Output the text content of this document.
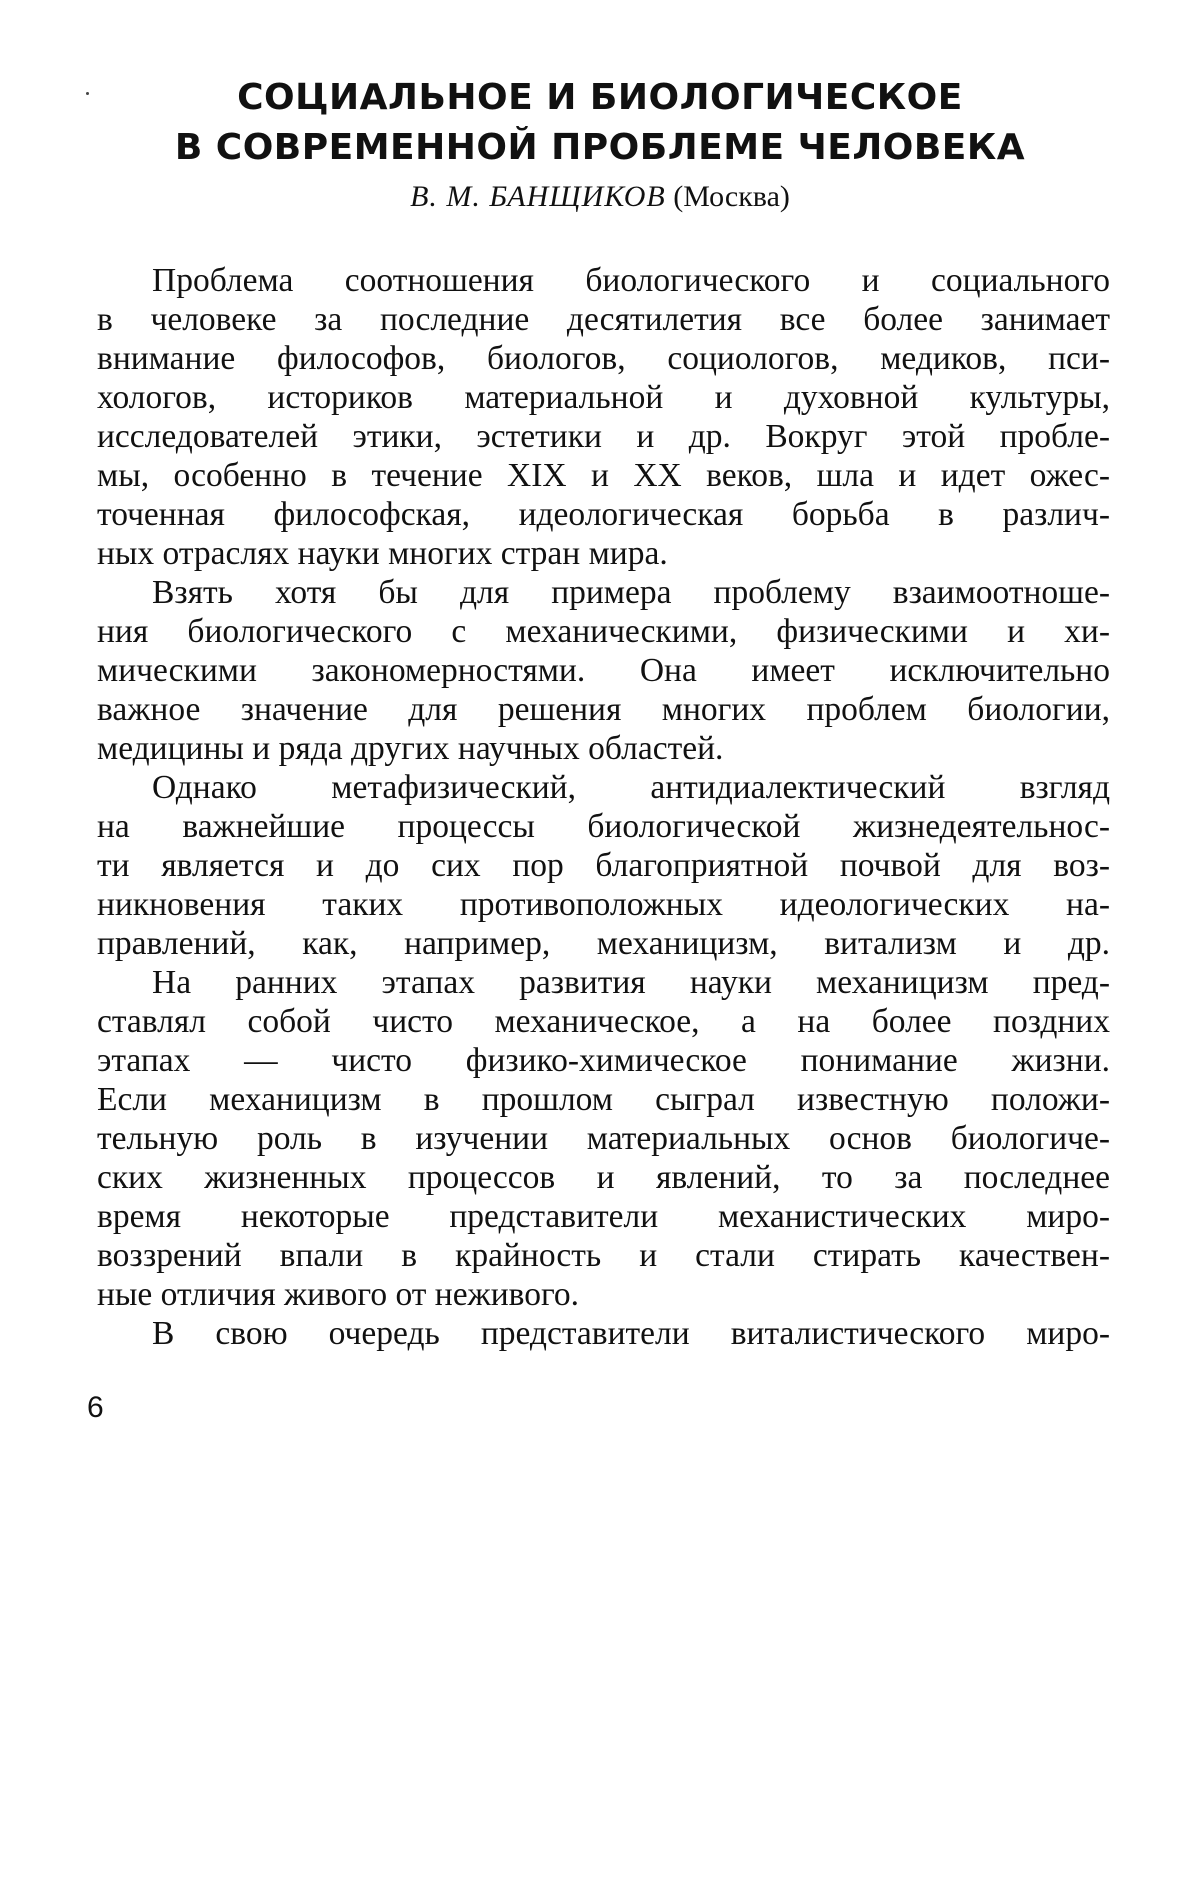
СОЦИАЛЬНОЕ И БИОЛОГИЧЕСКОЕ
В СОВРЕМЕННОЙ ПРОБЛЕМЕ ЧЕЛОВЕКА
В. М. БАНЩИКОВ (Москва)
Проблема соотношения биологического и социального
в человеке за последние десятилетия все более занимает
внимание философов, биологов, социологов, медиков, пси-
хологов, историков материальной и духовной культуры,
исследователей этики, эстетики и др. Вокруг этой пробле-
мы, особенно в течение XIX и XX веков, шла и идет ожес-
точенная философская, идеологическая борьба в различ-
ных отраслях науки многих стран мира.
Взять хотя бы для примера проблему взаимоотноше-
ния биологического с механическими, физическими и хи-
мическими закономерностями. Она имеет исключительно
важное значение для решения многих проблем биологии,
медицины и ряда других научных областей.
Однако метафизический, антидиалектический взгляд
на важнейшие процессы биологической жизнедеятельнос-
ти является и до сих пор благоприятной почвой для воз-
никновения таких противоположных идеологических на-
правлений, как, например, механицизм, витализм и др.
На ранних этапах развития науки механицизм пред-
ставлял собой чисто механическое, а на более поздних
этапах — чисто физико-химическое понимание жизни.
Если механицизм в прошлом сыграл известную положи-
тельную роль в изучении материальных основ биологиче-
ских жизненных процессов и явлений, то за последнее
время некоторые представители механистических миро-
воззрений впали в крайность и стали стирать качествен-
ные отличия живого от неживого.
В свою очередь представители виталистического миро-
6
